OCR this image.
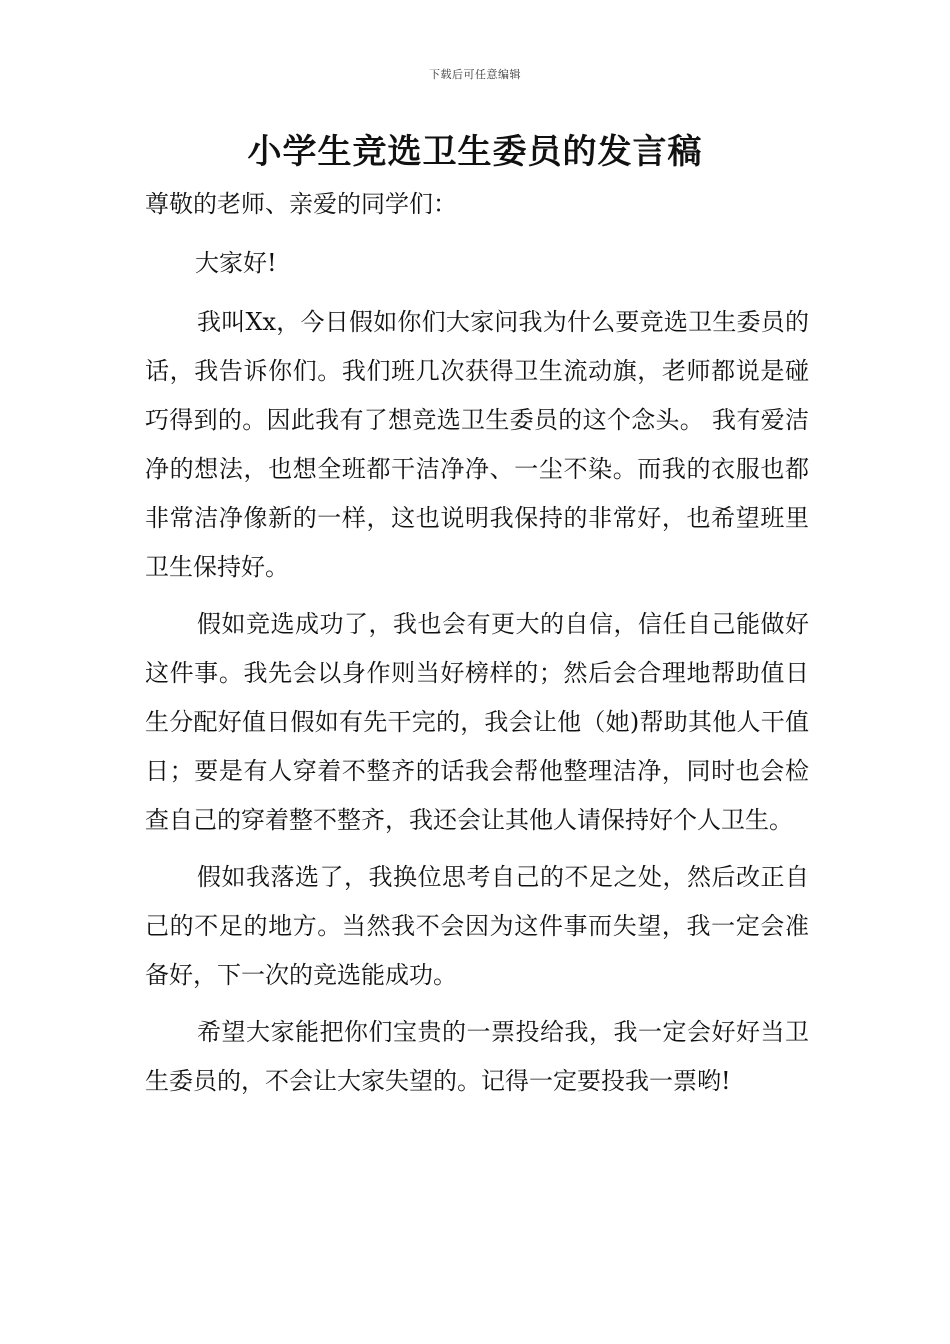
下载后可任意编辑
小学生竞选卫生委员的发言稿

尊敬的老师、亲爱的同学们：

大家好!

我叫Xx，今日假如你们大家问我为什么要竞选卫生委员的话，我告诉你们。我们班几次获得卫生流动旗，老师都说是碰巧得到的。因此我有了想竞选卫生委员的这个念头。 我有爱洁净的想法，也想全班都干洁净净、一尘不染。而我的衣服也都非常洁净像新的一样，这也说明我保持的非常好，也希望班里卫生保持好。

假如竞选成功了，我也会有更大的自信，信任自己能做好这件事。我先会以身作则当好榜样的；然后会合理地帮助值日生分配好值日假如有先干完的，我会让他（她)帮助其他人干值日；要是有人穿着不整齐的话我会帮他整理洁净，同时也会检查自己的穿着整不整齐，我还会让其他人请保持好个人卫生。

假如我落选了，我换位思考自己的不足之处，然后改正自己的不足的地方。当然我不会因为这件事而失望，我一定会准备好，下一次的竞选能成功。

希望大家能把你们宝贵的一票投给我，我一定会好好当卫生委员的，不会让大家失望的。记得一定要投我一票哟!
